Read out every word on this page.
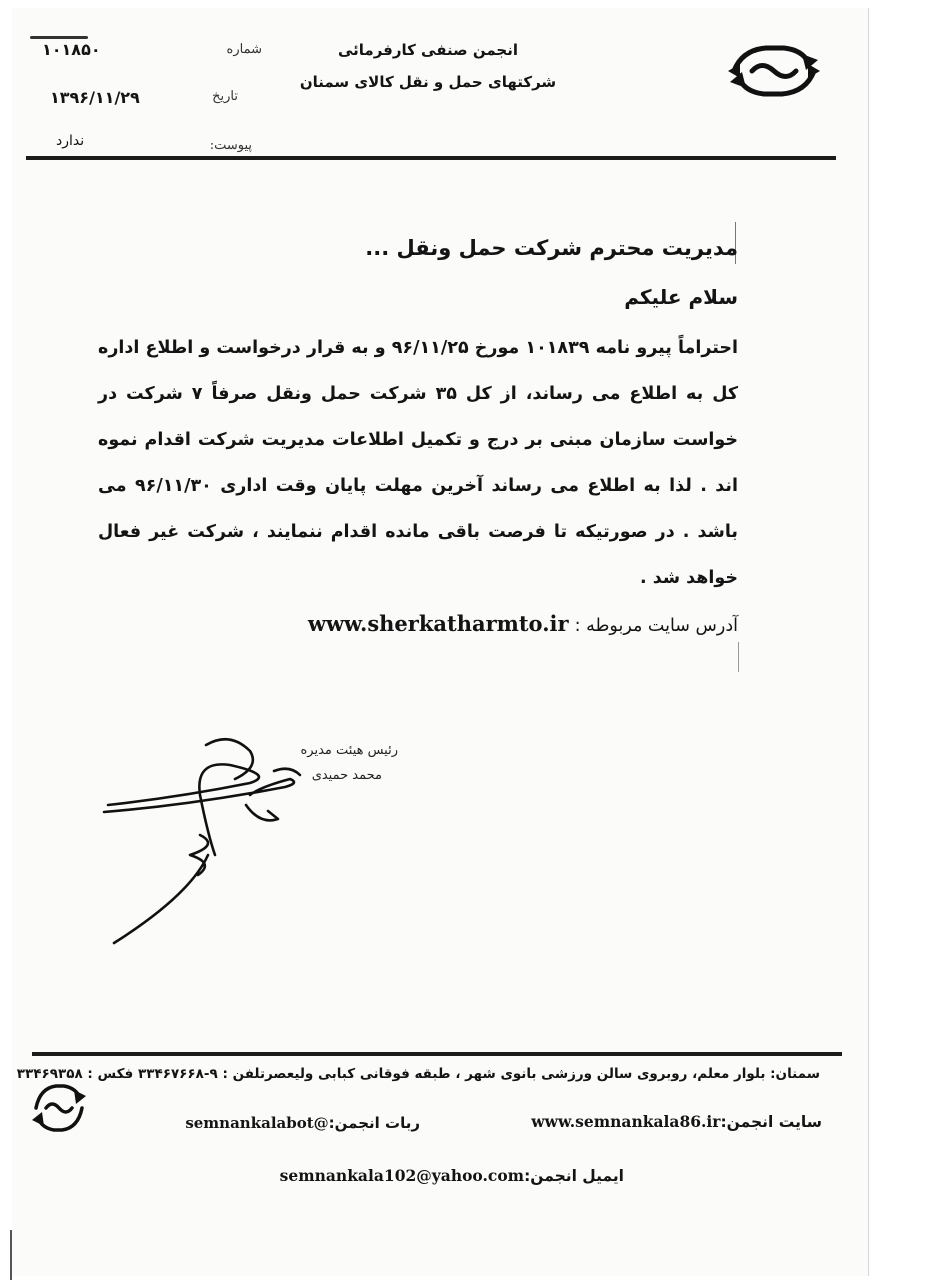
انجمن صنفی کارفرمائی
شرکتهای حمل و نقل کالای سمنان
شماره
۱۰۱۸۵۰
تاریخ
۱۳۹۶/۱۱/۲۹
پیوست:
ندارد
مدیریت محترم شرکت حمل ونقل ...
سلام علیکم

احتراماً پیرو نامه ۱۰۱۸۳۹ مورخ ۹۶/۱۱/۲۵ و به قرار درخواست و اطلاع اداره کل به اطلاع می رساند، از کل ۳۵ شرکت حمل ونقل صرفاً ۷ شرکت در خواست سازمان مبنی بر درج و تکمیل اطلاعات مدیریت شرکت اقدام نموه اند . لذا به اطلاع می رساند آخرین مهلت پایان وقت اداری ۹۶/۱۱/۳۰ می باشد . در صورتیکه تا فرصت باقی مانده اقدام ننمایند ، شرکت غیر فعال خواهد شد .

آدرس سایت مربوطه : www.sherkatharmto.ir
رئیس هیئت مدیره
محمد حمیدی
سمنان: بلوار معلم، روبروی سالن ورزشی بانوی شهر ، طبقه فوقانی کبابی ولیعصرتلفن : ۹-۳۳۴۶۷۶۶۸ فکس : ۳۳۴۶۹۳۵۸
سایت انجمن:www.semnankala86.ir
ربات انجمن:@semnankalabot
ایمیل انجمن:semnankala102@yahoo.com
